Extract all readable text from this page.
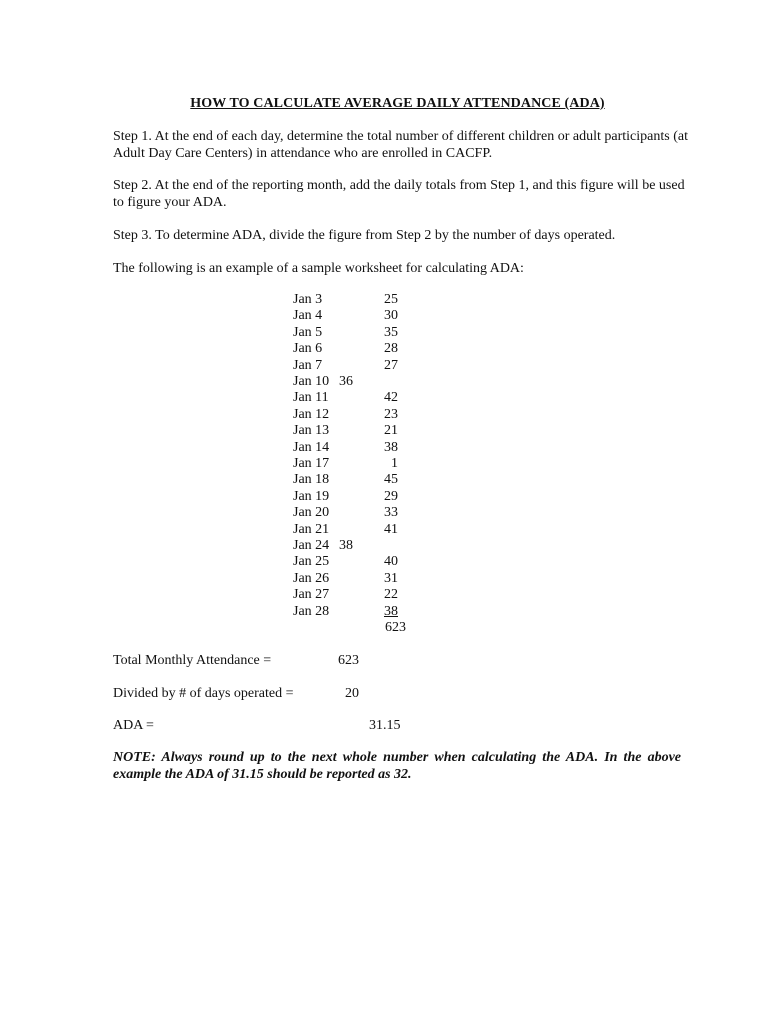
HOW TO CALCULATE AVERAGE DAILY ATTENDANCE (ADA)
Step 1. At the end of each day, determine the total number of different children or adult participants (at Adult Day Care Centers) in attendance who are enrolled in CACFP.
Step 2. At the end of the reporting month, add the daily totals from Step 1, and this figure will be used to figure your ADA.
Step 3. To determine ADA, divide the figure from Step 2 by the number of days operated.
The following is an example of a sample worksheet for calculating ADA:
Jan 3	25
Jan 4	30
Jan 5	35
Jan 6	28
Jan 7	27
Jan 10 36
Jan 11	42
Jan 12	23
Jan 13	21
Jan 14	38
Jan 17	1
Jan 18	45
Jan 19	29
Jan 20	33
Jan 21	41
Jan 24 38
Jan 25	40
Jan 26	31
Jan 27	22
Jan 28	38
623
Total Monthly Attendance =	623
Divided by # of days operated =	20
ADA =	31.15
NOTE: Always round up to the next whole number when calculating the ADA. In the above example the ADA of 31.15 should be reported as 32.
